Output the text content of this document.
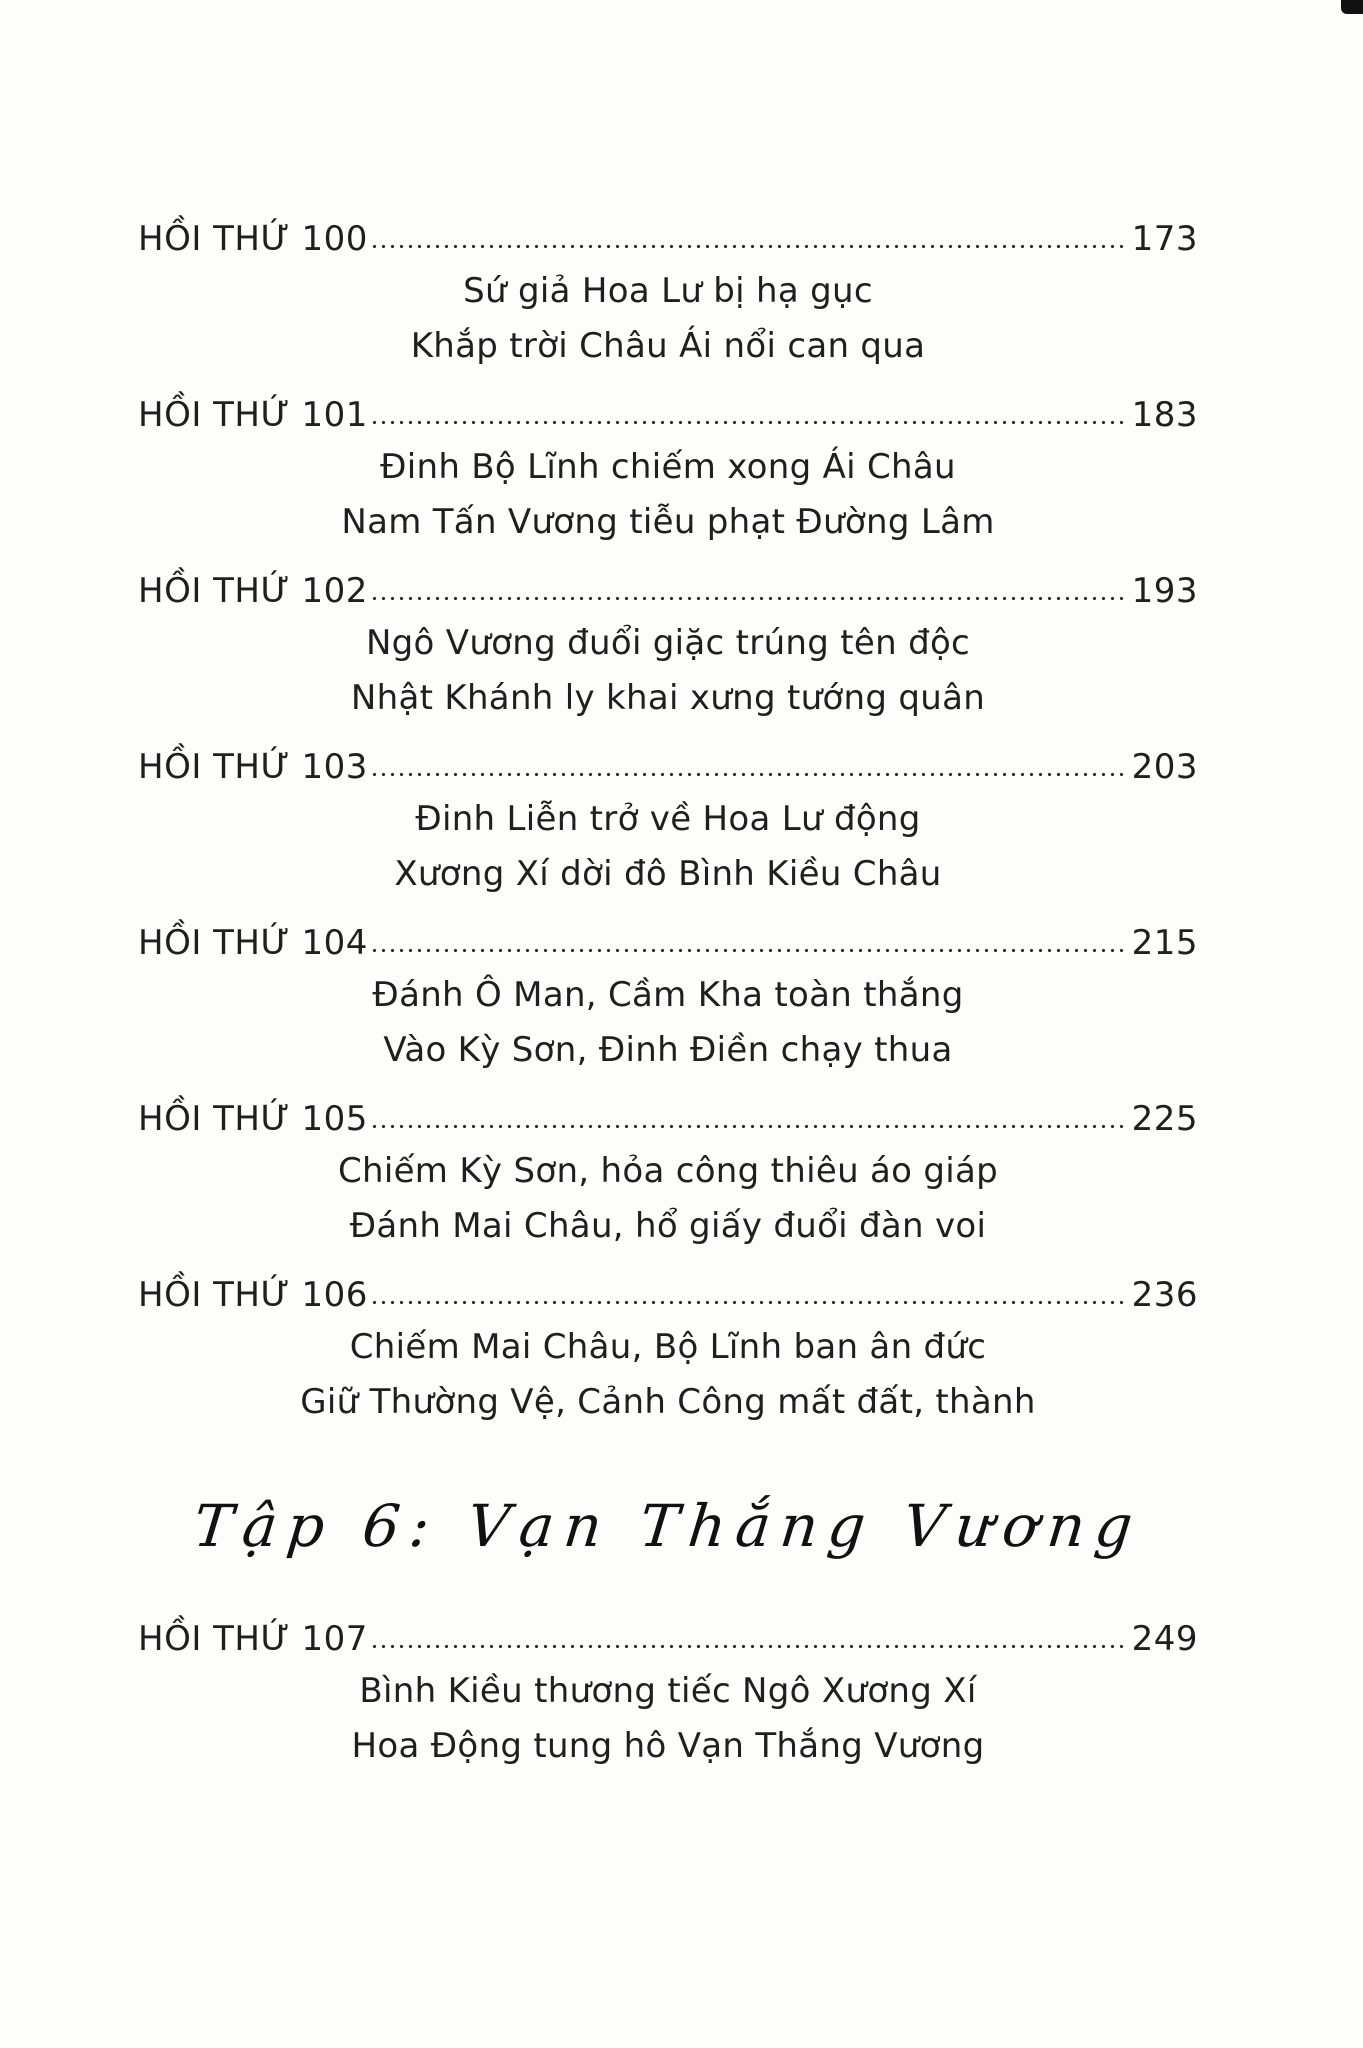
HỒI THỨ 100	173
Sứ giả Hoa Lư bị hạ gục
Khắp trời Châu Ái nổi can qua
HỒI THỨ 101	183
Đinh Bộ Lĩnh chiếm xong Ái Châu
Nam Tấn Vương tiễu phạt Đường Lâm
HỒI THỨ 102	193
Ngô Vương đuổi giặc trúng tên độc
Nhật Khánh ly khai xưng tướng quân
HỒI THỨ 103	203
Đinh Liễn trở về Hoa Lư động
Xương Xí dời đô Bình Kiều Châu
HỒI THỨ 104	215
Đánh Ô Man, Cầm Kha toàn thắng
Vào Kỳ Sơn, Đinh Điền chạy thua
HỒI THỨ 105	225
Chiếm Kỳ Sơn, hỏa công thiêu áo giáp
Đánh Mai Châu, hổ giấy đuổi đàn voi
HỒI THỨ 106	236
Chiếm Mai Châu, Bộ Lĩnh ban ân đức
Giữ Thường Vệ, Cảnh Công mất đất, thành
Tập 6: Vạn Thắng Vương
HỒI THỨ 107	249
Bình Kiều thương tiếc Ngô Xương Xí
Hoa Động tung hô Vạn Thắng Vương
